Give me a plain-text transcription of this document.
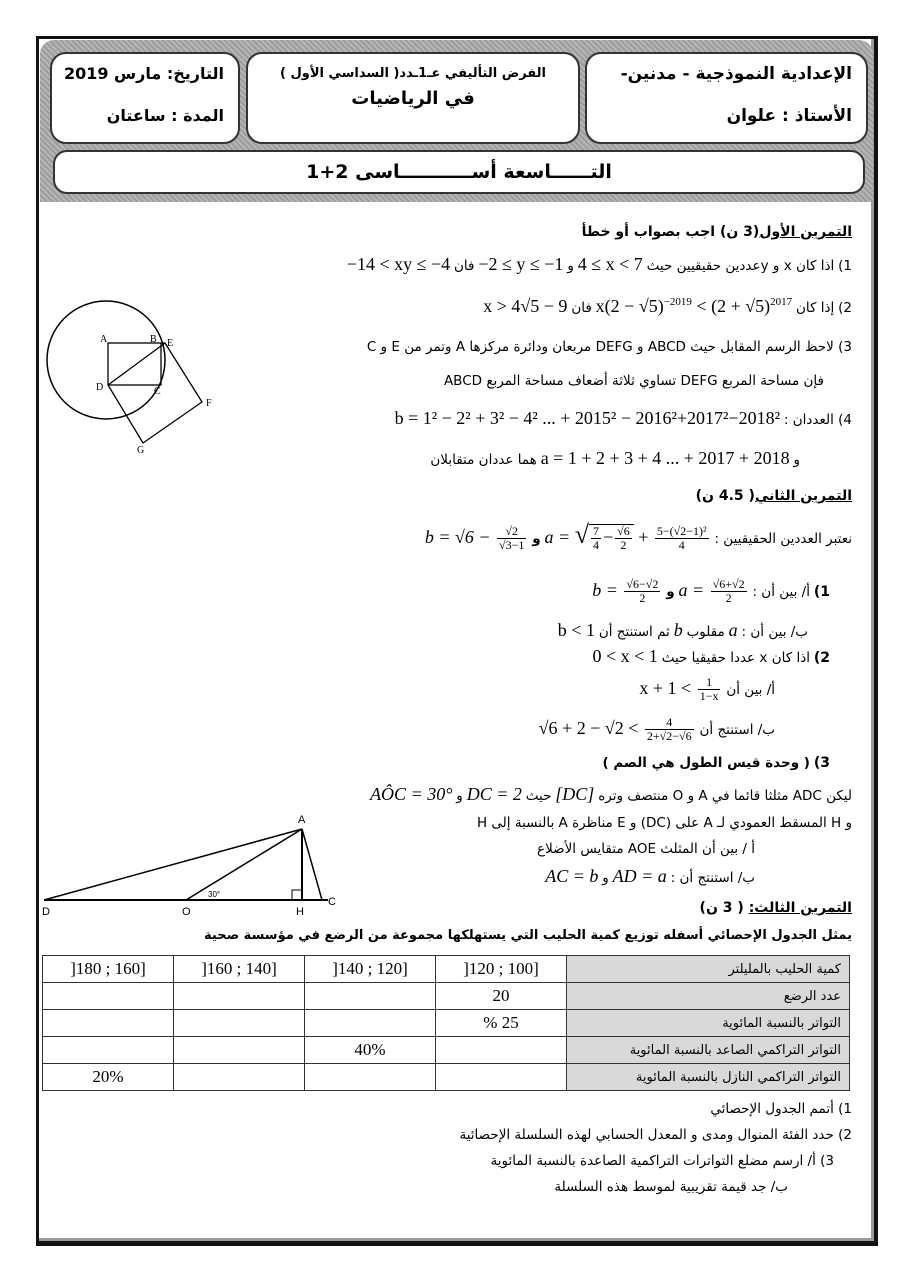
الإعدادية النموذجية - مدنين-
الأستاذ : علوان
الفرض التأليفي عـ1ـدد( السداسي الأول )
في الرياضيات
التاريخ: مارس 2019
المدة : ساعتان
التــــــاسعة أســـــــــــاسى 2+1
التمرين الأول(3 ن) اجب بصواب أو خطأ
1) اذا كان x و yعددين حقيقيين حيث 4 ≤ x < 7 و −2 ≤ y ≤ −1 فان −14 < xy ≤ −4
2) إذا كان $x(2 - √5)^{-2019} < (2 + √5)^{2017}$ فان x > 4√5 − 9
3) لاحظ الرسم المقابل حيث ABCD و DEFG مربعان ودائرة مركزها A وتمر من E و C
فإن مساحة المربع DEFG تساوي ثلاثة أضعاف مساحة المربع ABCD
4) العددان : b = 1² − 2² + 3² − 4² ... + 2015² − 2016²+2017²−2018²
و a = 1 + 2 + 3 + 4 ... + 2017 + 2018 هما عددان متقابلان
A	B E
D	C
F
G
التمرين الثاني( 4.5 ن)
نعتبر العددين الحقيقيين : a = √ $\frac{7}{4} - \frac{√6}{2} + \frac{\text{5−(√2−1)²}}{4}$
و $b = √6 - \frac{√2}{√3-1}$
1) أ/ بين أن : $a = \frac{√6+√2}{2}$
و $b = \frac{√6-√2}{2}$
ب/ بين أن : a مقلوب b ثم استنتج أن b < 1
2) اذا كان x عددا حقيقيا حيث 0 < x < 1
أ/ بين أن $x + 1 < \frac{1}{1-x}$
ب/ استنتج أن $√6 + 2 - √2 < \frac{4}{2+√2-√6}$
3) ( وحدة قيس الطول هي الصم )
ليكن ADC مثلثا قائما في A و O منتصف وتره [DC] حيث DC = 2 و AÔC = 30°
و H المسقط العمودي لـ A على (DC) و E مناظرة A بالنسبة إلى H
أ / بين أن المثلث AOE متقايس الأضلاع
ب/ استنتج أن : AD = a و AC = b
A
D	O	H
C
30°
التمرين الثالث: ( 3 ن)
يمثل الجدول الإحصائي أسفله توزيع كمية الحليب التي يستهلكها مجموعة من الرضع في مؤسسة صحية
كمية الحليب بالمليلتر	[100 ; 120[	[120 ; 140[	[140 ; 160[	[160 ; 180[
عدد الرضع	20			
التواتر بالنسبة المائوية	25 %			
التواتر التراكمي الصاعد بالنسبة المائوية		40%		
التواتر التراكمي النازل بالنسبة المائوية				20%
1) أتمم الجدول الإحصائي
2) حدد الفئة المنوال ومدى و المعدل الحسابي لهذه السلسلة الإحصائية
3) أ/ ارسم مضلع التواترات التراكمية الصاعدة بالنسبة المائوية
ب/ جد قيمة تقريبية لموسط هذه السلسلة
